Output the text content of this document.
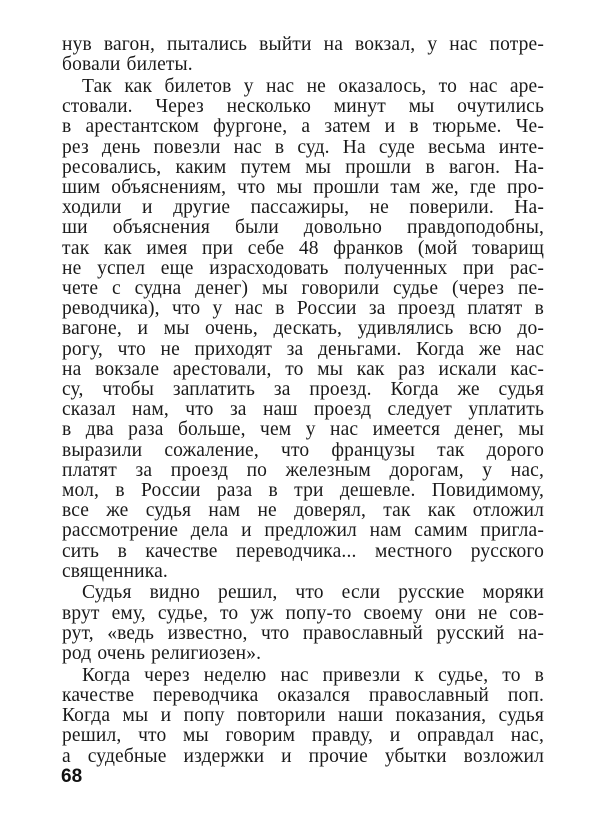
нув вагон, пытались выйти на вокзал, у нас потре-
бовали билеты.

Так как билетов у нас не оказалось, то нас аре-
стовали. Через несколько минут мы очутились
в арестантском фургоне, а затем и в тюрьме. Че-
рез день повезли нас в суд. На суде весьма инте-
ресовались, каким путем мы прошли в вагон. На-
шим объяснениям, что мы прошли там же, где про-
ходили и другие пассажиры, не поверили. На-
ши объяснения были довольно правдоподобны,
так как имея при себе 48 франков (мой товарищ
не успел еще израсходовать полученных при рас-
чете с судна денег) мы говорили судье (через пе-
реводчика), что у нас в России за проезд платят в
вагоне, и мы очень, дескать, удивлялись всю до-
рогу, что не приходят за деньгами. Когда же нас
на вокзале арестовали, то мы как раз искали кас-
су, чтобы заплатить за проезд. Когда же судья
сказал нам, что за наш проезд следует уплатить
в два раза больше, чем у нас имеется денег, мы
выразили сожаление, что французы так дорого
платят за проезд по железным дорогам, у нас,
мол, в России раза в три дешевле. Повидимому,
все же судья нам не доверял, так как отложил
рассмотрение дела и предложил нам самим пригла-
сить в качестве переводчика... местного русского
священника.

Судья видно решил, что если русские моряки
врут ему, судье, то уж попу-то своему они не сов-
рут, «ведь известно, что православный русский на-
род очень религиозен».

Когда через неделю нас привезли к судье, то в
качестве переводчика оказался православный поп.
Когда мы и попу повторили наши показания, судья
решил, что мы говорим правду, и оправдал нас,
а судебные издержки и прочие убытки возложил

68
